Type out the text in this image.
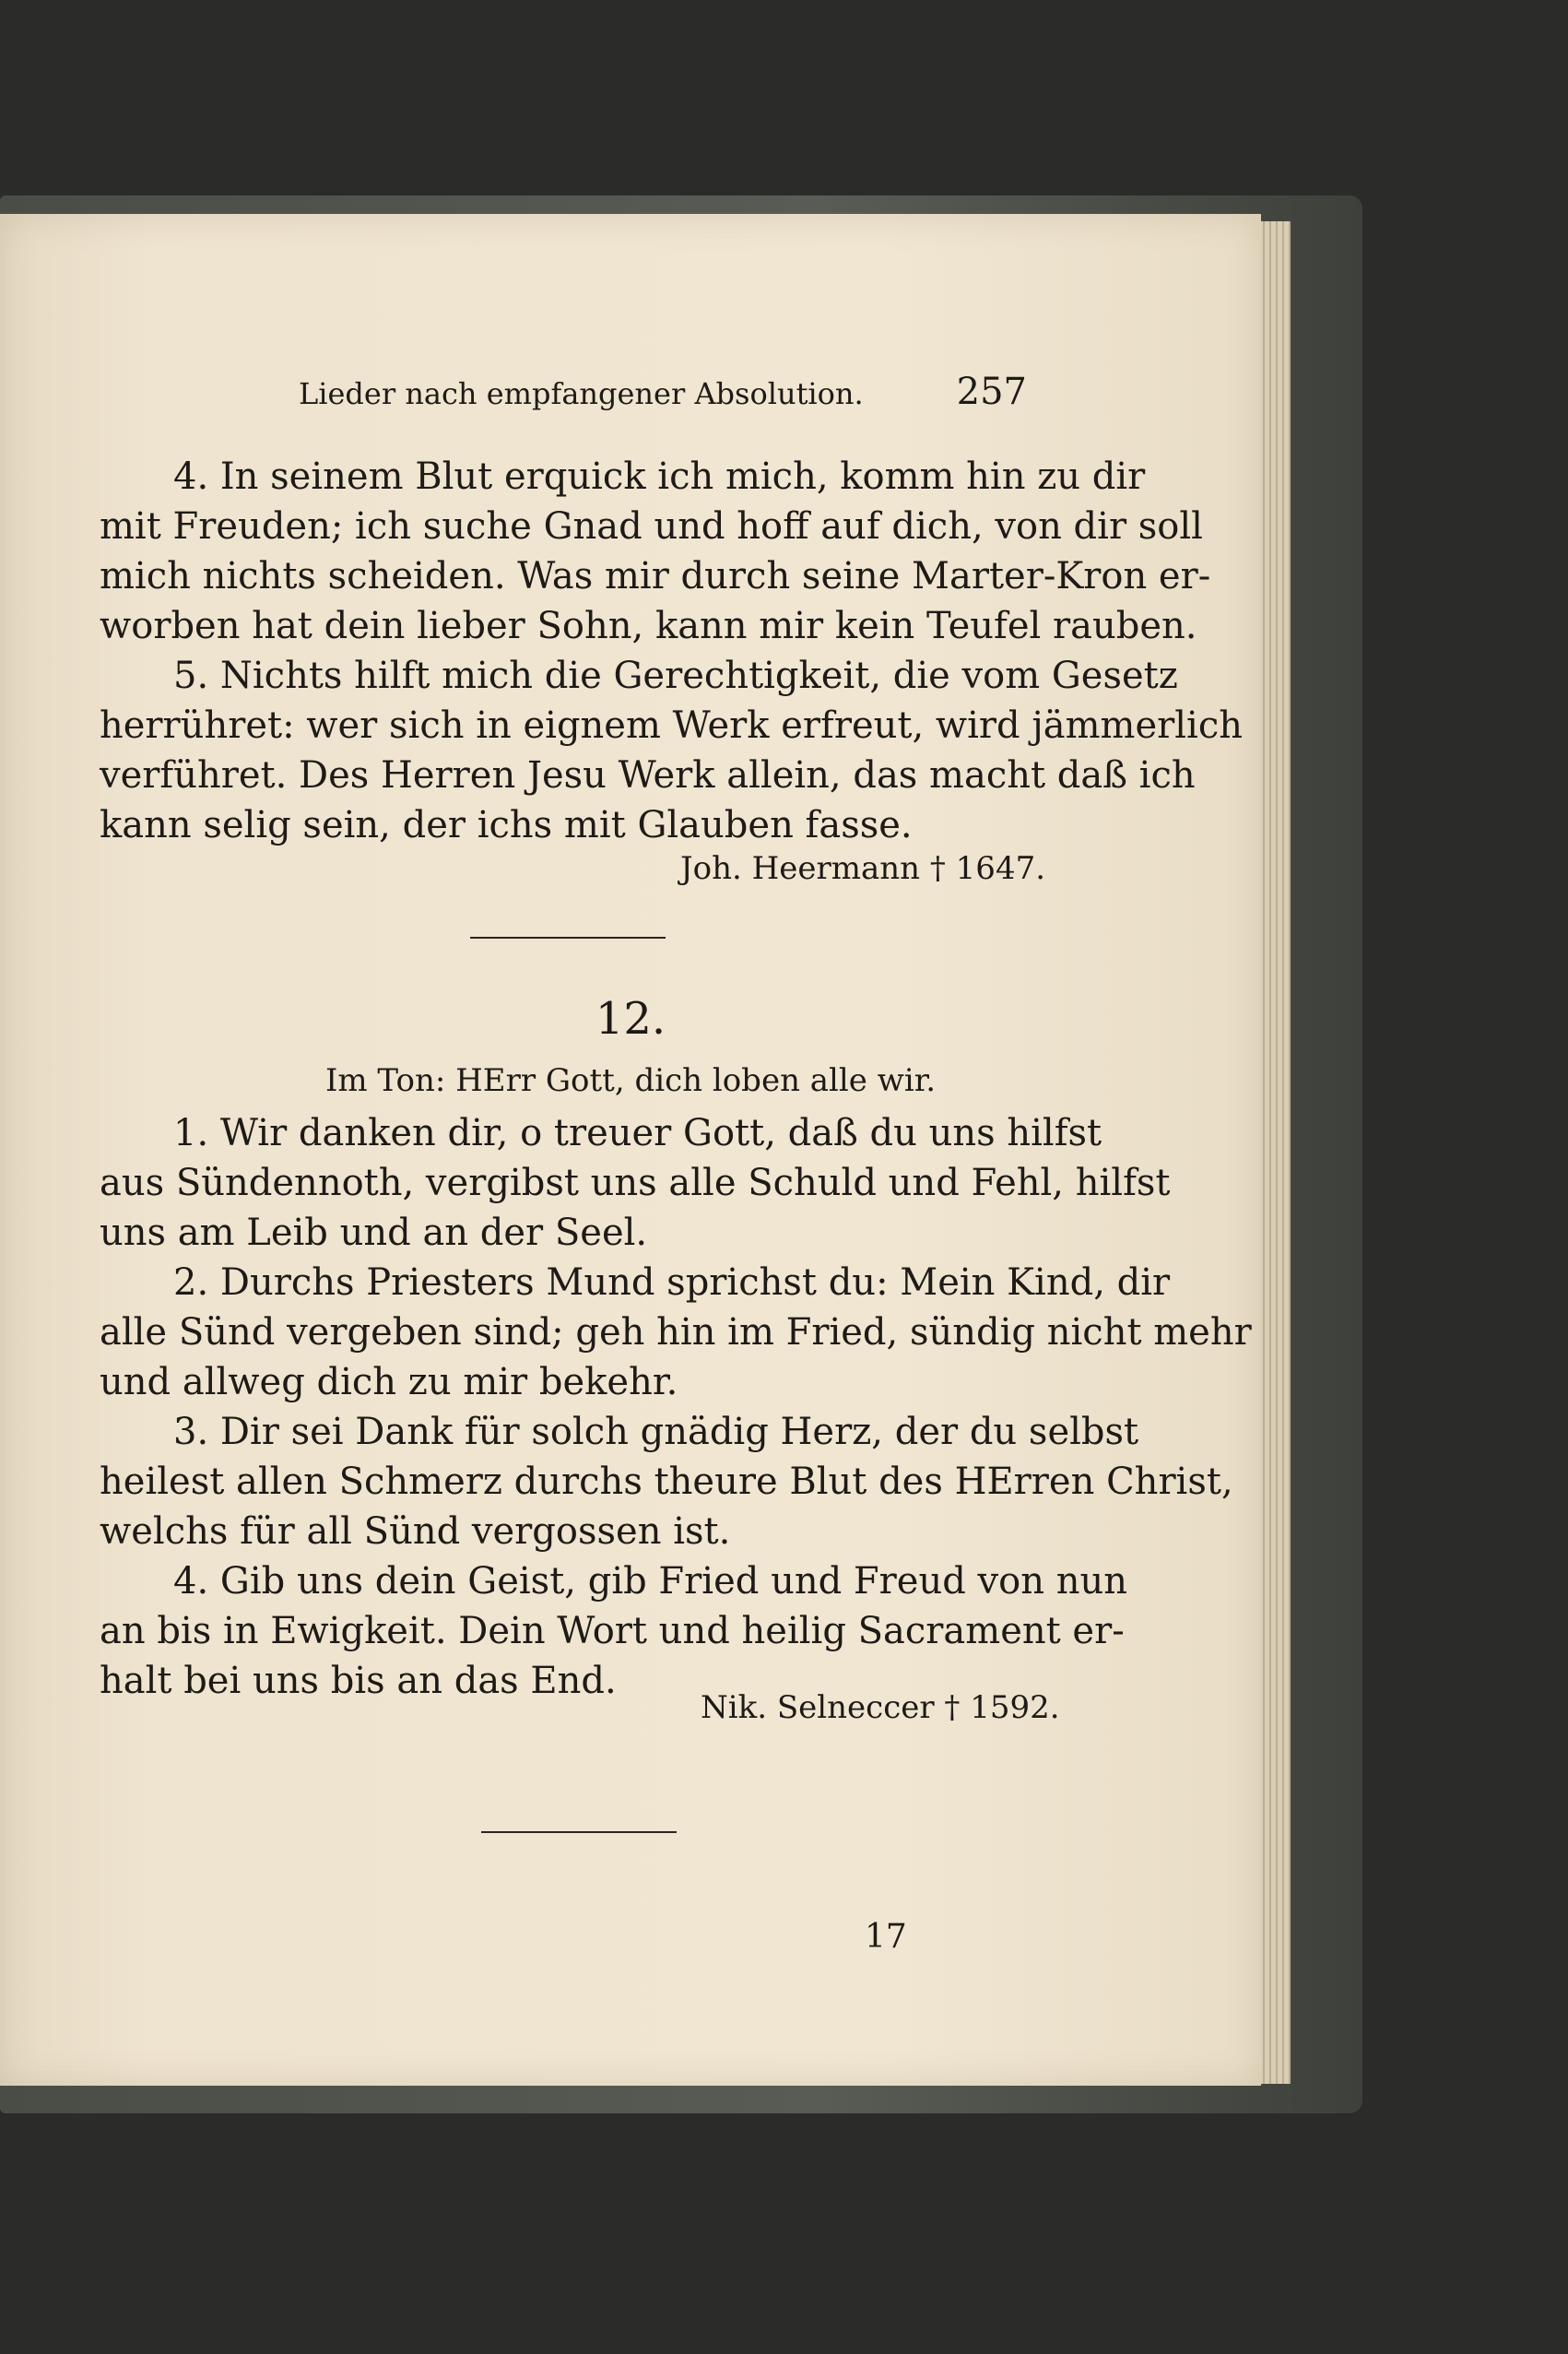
Lieder nach empfangener Absolution.	257
4. In seinem Blut erquick ich mich, komm hin zu dir
mit Freuden; ich suche Gnad und hoff auf dich, von dir soll
mich nichts scheiden. Was mir durch seine Marter-Kron er-
worben hat dein lieber Sohn, kann mir kein Teufel rauben.
5. Nichts hilft mich die Gerechtigkeit, die vom Gesetz
herrühret: wer sich in eignem Werk erfreut, wird jämmerlich
verführet. Des Herren Jesu Werk allein, das macht daß ich
kann selig sein, der ichs mit Glauben fasse.
Joh. Heermann † 1647.
12.
Im Ton: HErr Gott, dich loben alle wir.
1. Wir danken dir, o treuer Gott, daß du uns hilfst
aus Sündennoth, vergibst uns alle Schuld und Fehl, hilfst
uns am Leib und an der Seel.
2. Durchs Priesters Mund sprichst du: Mein Kind, dir
alle Sünd vergeben sind; geh hin im Fried, sündig nicht mehr
und allweg dich zu mir bekehr.
3. Dir sei Dank für solch gnädig Herz, der du selbst
heilest allen Schmerz durchs theure Blut des HErren Christ,
welchs für all Sünd vergossen ist.
4. Gib uns dein Geist, gib Fried und Freud von nun
an bis in Ewigkeit. Dein Wort und heilig Sacrament er-
halt bei uns bis an das End.
Nik. Selneccer † 1592.
17
